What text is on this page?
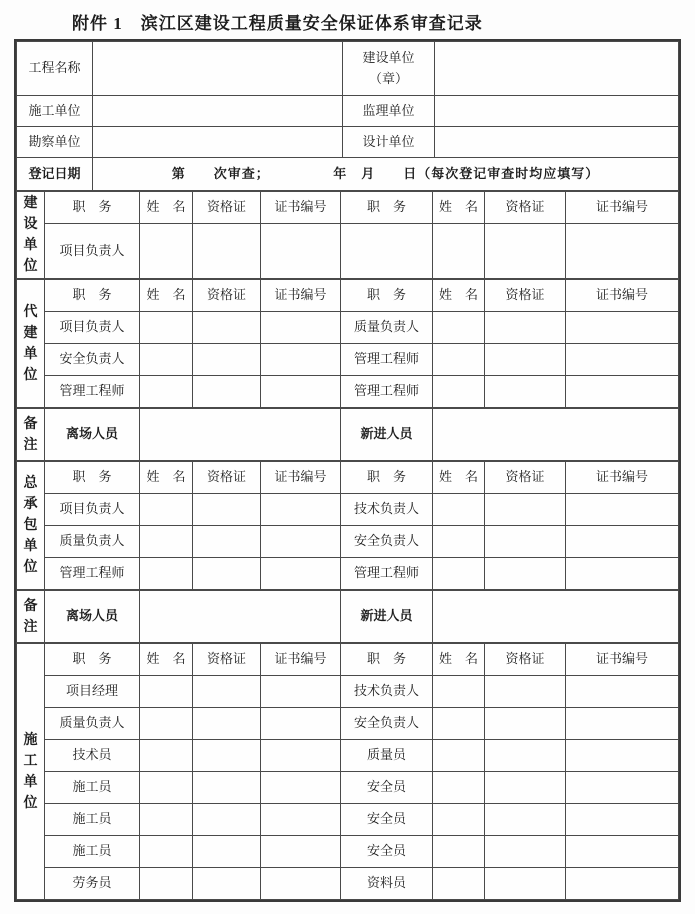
附件 1　滨江区建设工程质量安全保证体系审查记录
工程名称		建设单位
（章）	

施工单位		监理单位	
勘察单位		设计单位	
登记日期	第　　次审查；　　　　　年　月　　日（每次登记审查时均应填写）		
建设单位	职　务	姓　名	资格证	证书编号	职　务	姓　名	资格证	证书编号
	项目负责人							
代建单位	职　务	姓　名	资格证	证书编号	职　务	姓　名	资格证	证书编号
	项目负责人				质量负责人			
	安全负责人				管理工程师			
	管理工程师				管理工程师			
备注	离场人员		新进人员	
总承包单位	职　务	姓　名	资格证	证书编号	职　务	姓　名	资格证	证书编号
	项目负责人				技术负责人			
	质量负责人				安全负责人			
	管理工程师				管理工程师			
备注	离场人员		新进人员	
施工单位	职　务	姓　名	资格证	证书编号	职　务	姓　名	资格证	证书编号
	项目经理				技术负责人			
	质量负责人				安全负责人			
	技术员				质量员			
	施工员				安全员			
	施工员				安全员			
	施工员				安全员			
	劳务员				资料员			
